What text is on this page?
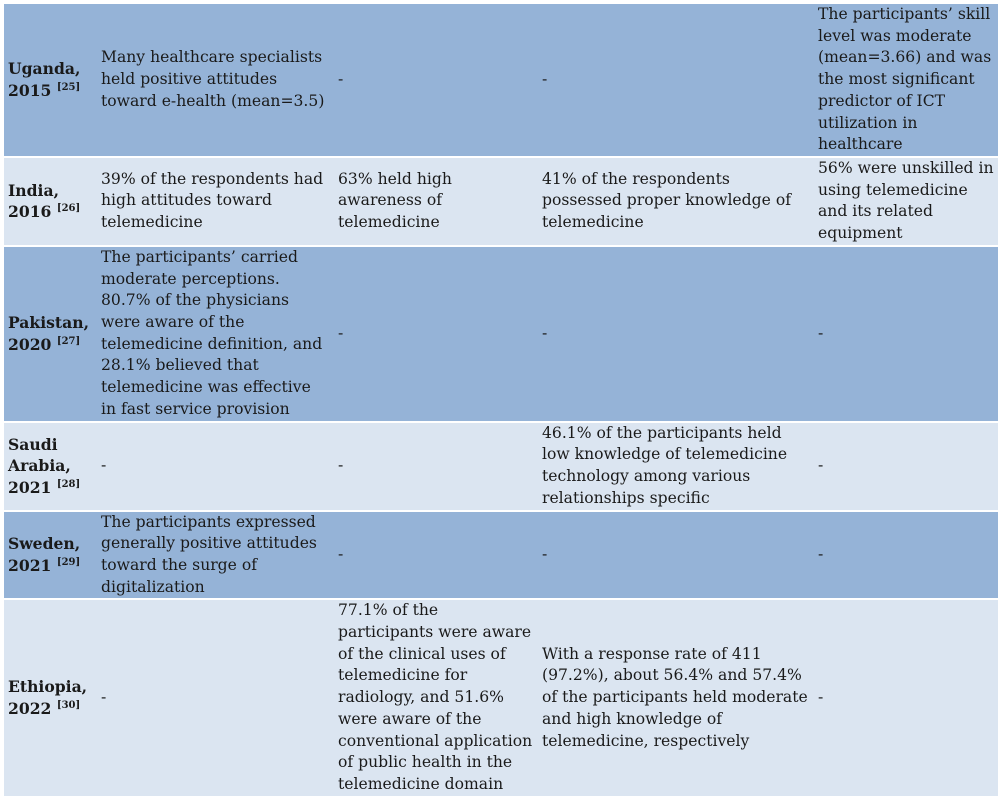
Uganda, 2015 [25]	Many healthcare specialists held positive attitudes toward e-health (mean=3.5)	-	-	The participants’ skill level was moderate (mean=3.66) and was the most significant predictor of ICT utilization in healthcare
India, 2016 [26]	39% of the respondents had high attitudes toward telemedicine	63% held high awareness of telemedicine	41% of the respondents possessed proper knowledge of telemedicine	56% were unskilled in using telemedicine and its related equipment
Pakistan, 2020 [27]	The participants’ carried moderate perceptions. 80.7% of the physicians were aware of the telemedicine definition, and 28.1% believed that telemedicine was effective in fast service provision	-	-	-
Saudi Arabia, 2021 [28]	-	-	46.1% of the participants held low knowledge of telemedicine technology among various relationships specific	-
Sweden, 2021 [29]	The participants expressed generally positive attitudes toward the surge of digitalization	-	-	-
Ethiopia, 2022 [30]	-	77.1% of the participants were aware of the clinical uses of telemedicine for radiology, and 51.6% were aware of the conventional application of public health in the telemedicine domain	With a response rate of 411 (97.2%), about 56.4% and 57.4% of the participants held moderate and high knowledge of telemedicine, respectively	-
